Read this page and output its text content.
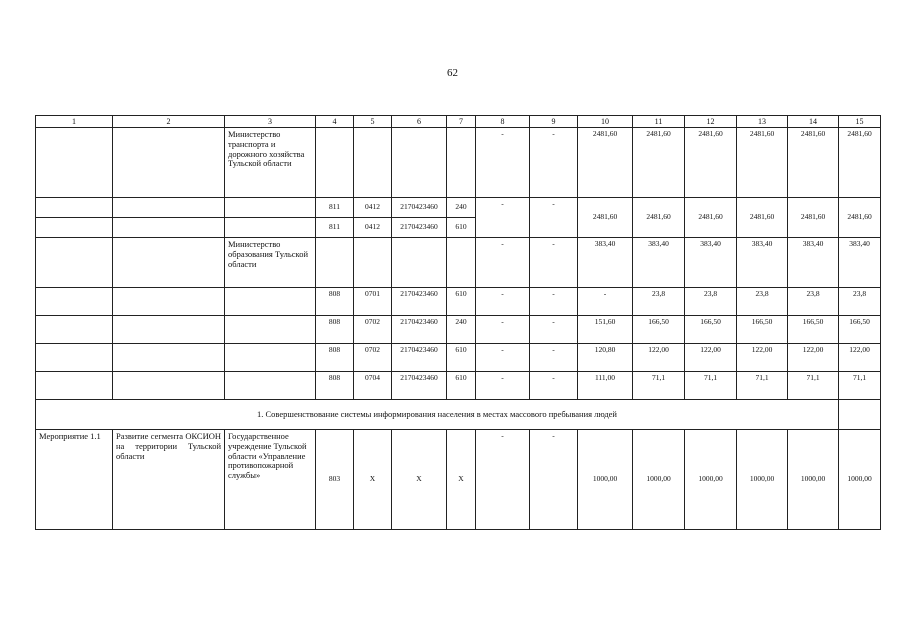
62
1	2	3	4	5	6	7	8	9	10	11	12	13	14	15
		Министерство транспорта и дорожного хозяйства Тульской области					-	-	2481,60	2481,60	2481,60	2481,60	2481,60	2481,60
			811	0412	2170423460	240	-	-	2481,60	2481,60	2481,60	2481,60	2481,60	2481,60
			811	0412	2170423460	610								
		Министерство образования Тульской области					-	-	383,40	383,40	383,40	383,40	383,40	383,40
			808	0701	2170423460	610	-	-	-	23,8	23,8	23,8	23,8	23,8
			808	0702	2170423460	240	-	-	151,60	166,50	166,50	166,50	166,50	166,50
			808	0702	2170423460	610	-	-	120,80	122,00	122,00	122,00	122,00	122,00
			808	0704	2170423460	610	-	-	111,00	71,1	71,1	71,1	71,1	71,1
1. Совершенствование системы информирования населения в местах массового пребывания людей														
Мероприятие 1.1	Развитие сегмента ОКСИОН на территории Тульской области	Государственное учреждение Тульской области «Управление противопожарной службы»	803	X	X	X	-	-	1000,00	1000,00	1000,00	1000,00	1000,00	1000,00
